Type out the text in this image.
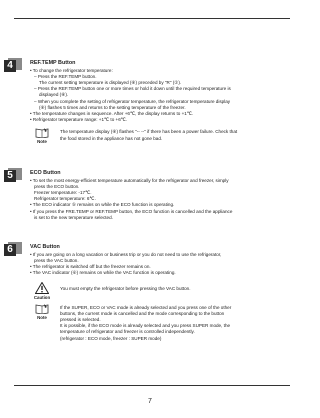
4	REF.TEMP Button
• To change the refrigerator temperature:
– Press the REF.TEMP button.
The current setting temperature is displayed (⑧) preceded by "R" (②).
– Press the REF.TEMP button one or more times or hold it down until the required temperature is
displayed (⑧).
– When you complete the setting of refrigerator temperature, the refrigerator temperature display
(⑧) flashes 5 times and returns to the setting temperature of the freezer.
• The temperature changes in sequence. After +6℃, the display returns to +1℃.
• Refrigerator temperature range: +1℃ to +6℃.
Note
The temperature display (⑧) flashes "-- --" if there has been a power failure. Check that
the food stored in the appliance has not gone bad.
5	ECO Button
• To set the most energy-efficient temperature automatically for the refrigerator and freezer, simply
press the ECO button.
Freezer temperature: -17℃.
Refrigerator temperature: 6℃.
• The ECO indicator ⑤ remains on while the ECO function is operating.
• If you press the FRE.TEMP or REF.TEMP button, the ECO function is cancelled and the appliance
is set to the new temperature selected.
6	VAC Button
• If you are going on a long vacation or business trip or you do not need to use the refrigerator,
press the VAC button.
• The refrigerator is switched off but the freezer remains on.
• The VAC indicator (⑥) remains on while the VAC function is operating.
Caution
You must empty the refrigerator before pressing the VAC button.
Note
If the SUPER, ECO or VAC mode is already selected and you press one of the other
buttons, the current mode is cancelled and the mode corresponding to the button
pressed is selected.
It is possible, if the ECO mode is already selected and you press SUPER mode, the
temperature of refrigerator and freezer is controlled independently.
(refrigerator : ECO mode, freezer : SUPER mode)
7
